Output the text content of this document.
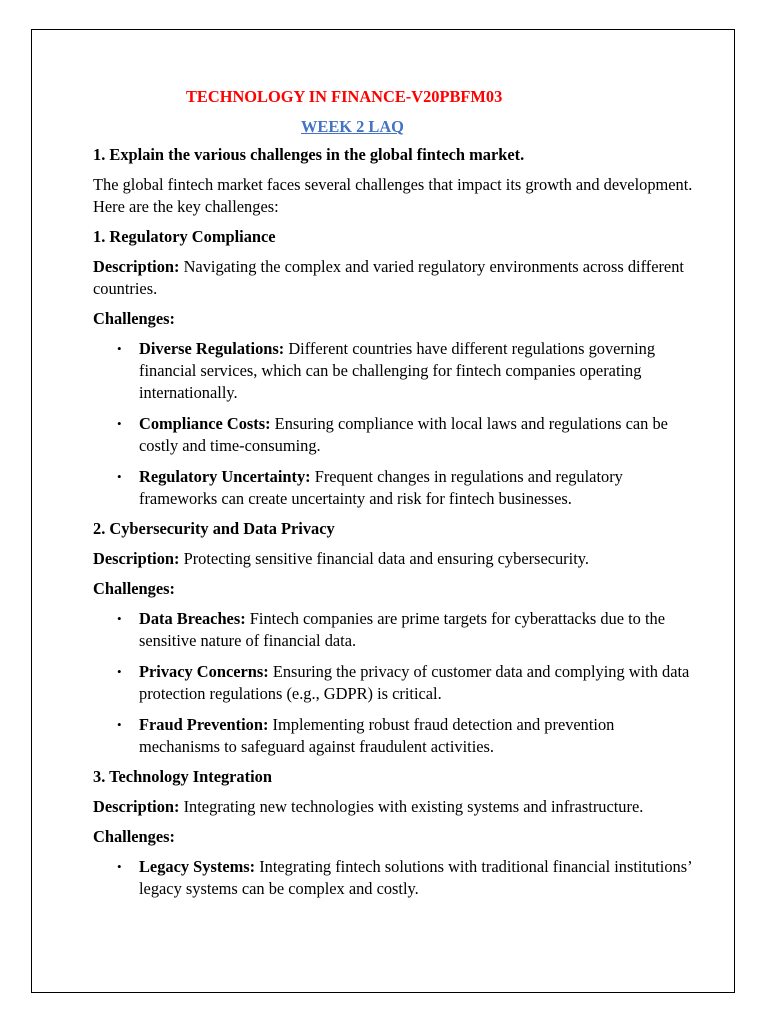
TECHNOLOGY IN FINANCE-V20PBFM03
WEEK 2 LAQ
1. Explain the various challenges in the global fintech market.

The global fintech market faces several challenges that impact its growth and development. Here are the key challenges:

1. Regulatory Compliance

Description: Navigating the complex and varied regulatory environments across different countries.

Challenges:
• Diverse Regulations: Different countries have different regulations governing financial services, which can be challenging for fintech companies operating internationally.
• Compliance Costs: Ensuring compliance with local laws and regulations can be costly and time-consuming.
• Regulatory Uncertainty: Frequent changes in regulations and regulatory frameworks can create uncertainty and risk for fintech businesses.
2. Cybersecurity and Data Privacy

Description: Protecting sensitive financial data and ensuring cybersecurity.

Challenges:
• Data Breaches: Fintech companies are prime targets for cyberattacks due to the sensitive nature of financial data.
• Privacy Concerns: Ensuring the privacy of customer data and complying with data protection regulations (e.g., GDPR) is critical.
• Fraud Prevention: Implementing robust fraud detection and prevention mechanisms to safeguard against fraudulent activities.
3. Technology Integration

Description: Integrating new technologies with existing systems and infrastructure.

Challenges:
• Legacy Systems: Integrating fintech solutions with traditional financial institutions’ legacy systems can be complex and costly.
